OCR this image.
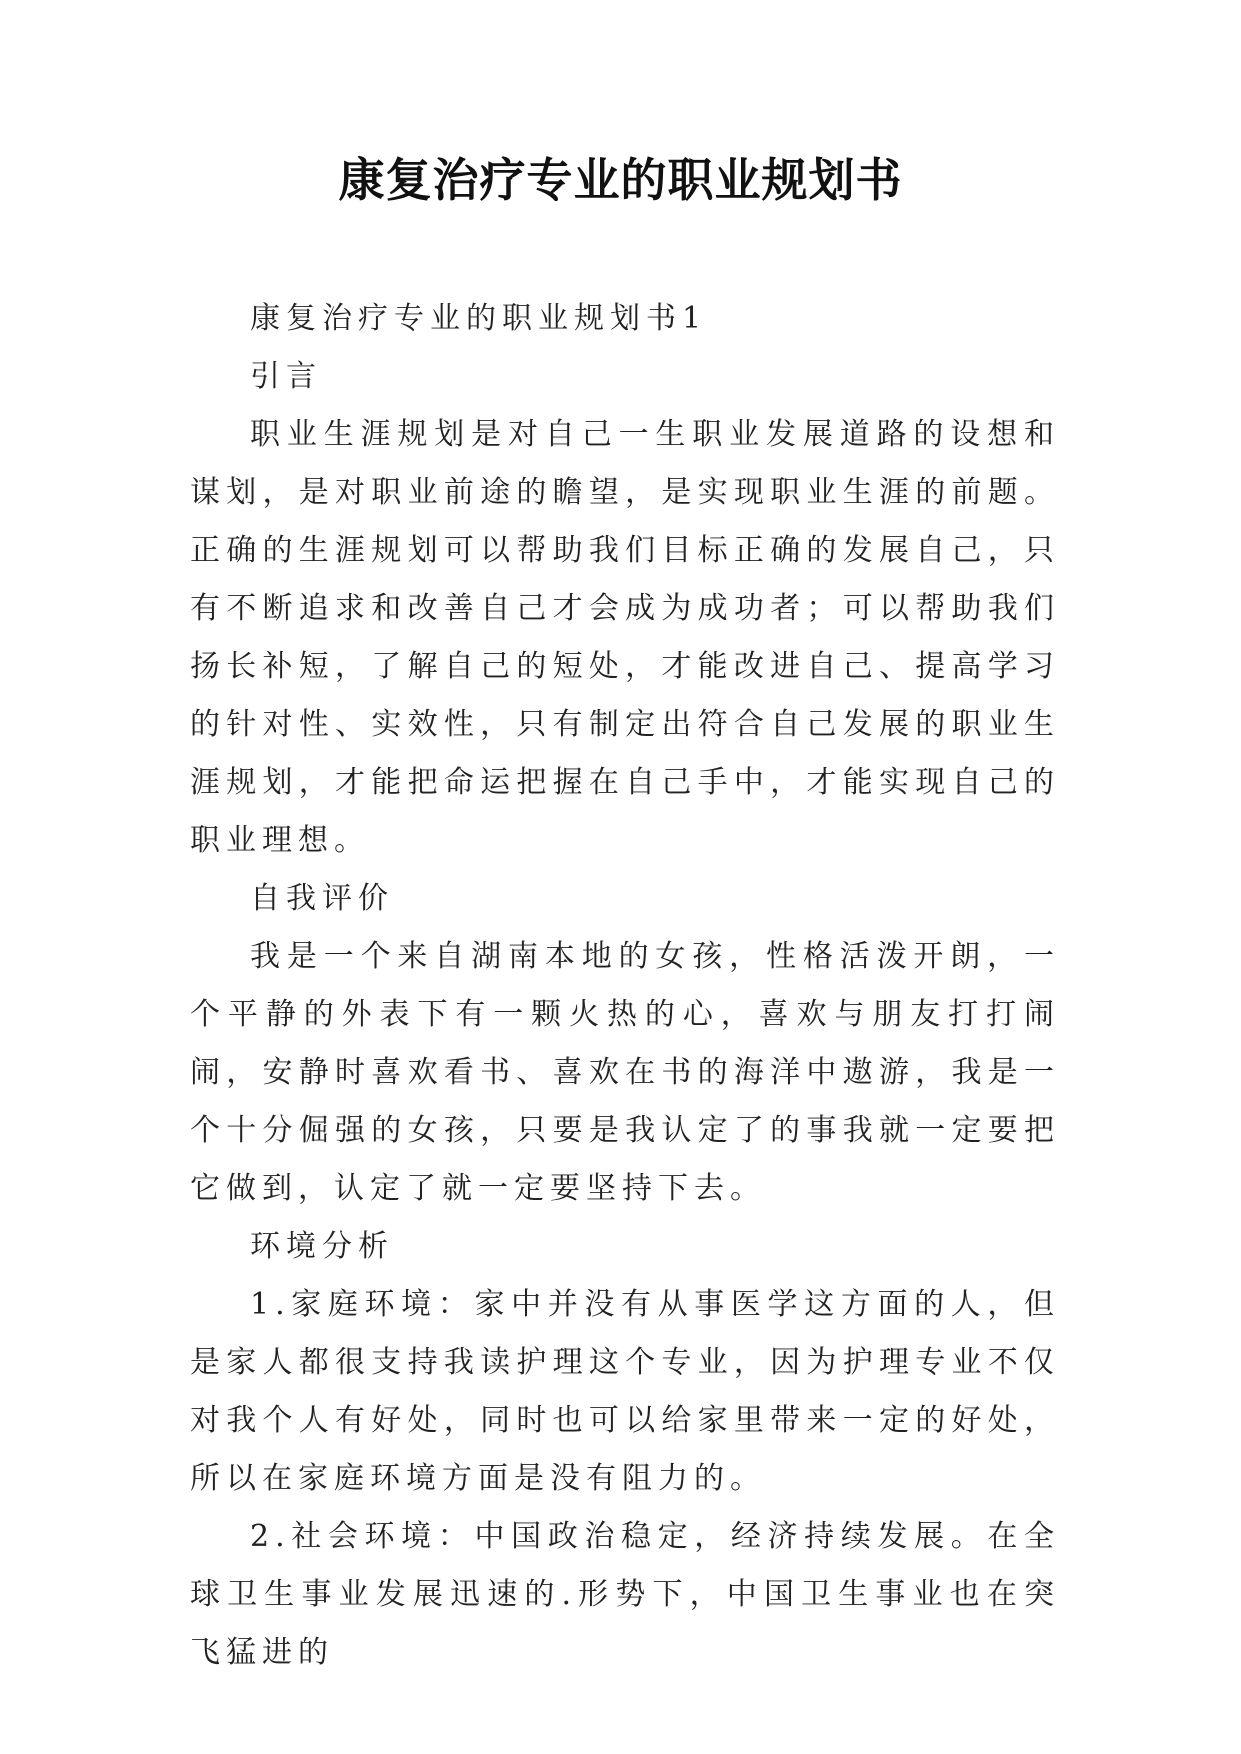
康复治疗专业的职业规划书

康复治疗专业的职业规划书1

引言

职业生涯规划是对自己一生职业发展道路的设想和谋划，是对职业前途的瞻望，是实现职业生涯的前题。正确的生涯规划可以帮助我们目标正确的发展自己，只有不断追求和改善自己才会成为成功者；可以帮助我们扬长补短，了解自己的短处，才能改进自己、提高学习的针对性、实效性，只有制定出符合自己发展的职业生涯规划，才能把命运把握在自己手中，才能实现自己的职业理想。

自我评价

我是一个来自湖南本地的女孩，性格活泼开朗，一个平静的外表下有一颗火热的心，喜欢与朋友打打闹闹，安静时喜欢看书、喜欢在书的海洋中遨游，我是一个十分倔强的女孩，只要是我认定了的事我就一定要把它做到，认定了就一定要坚持下去。

环境分析

1.家庭环境：家中并没有从事医学这方面的人，但是家人都很支持我读护理这个专业，因为护理专业不仅对我个人有好处，同时也可以给家里带来一定的好处，所以在家庭环境方面是没有阻力的。

2.社会环境：中国政治稳定，经济持续发展。在全球卫生事业发展迅速的.形势下，中国卫生事业也在突飞猛进的
